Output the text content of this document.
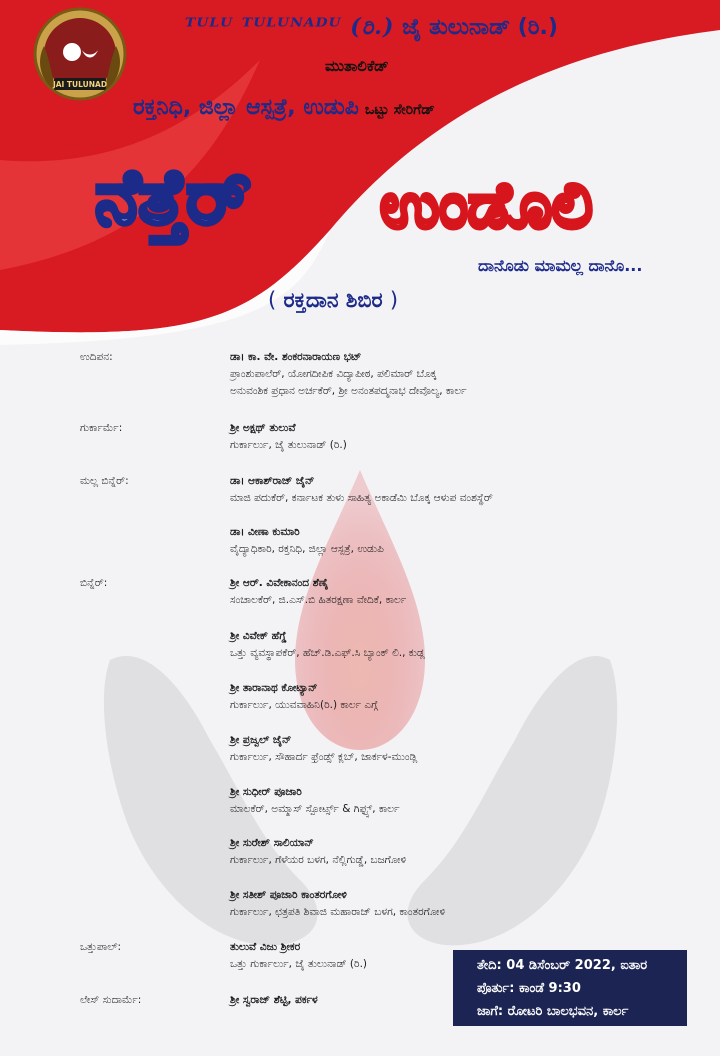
JAI TULUNAD
ᵀᵁᴸᵁ ᵀᵁᴸᵁᴺᴬᴰᵁ (ರಿ.) ಜೈ ತುಲುನಾಡ್ (ರಿ.)
ಮುತಾಲಿಕೆಡ್
ರಕ್ತನಿಧಿ, ಜಿಲ್ಲಾ ಆಸ್ಪತ್ರೆ, ಉಡುಪಿ ಒಟ್ಟು ಸೇರಿಗೆಡ್
ನೆತ್ತೆರ್ ಉಂಡೊಲಿ
ದಾನೊಡು ಮಾಮಲ್ಲ ದಾನೊ...
( ರಕ್ತದಾನ ಶಿಬಿರ )
ಉದಿಪನ:	ಡಾ। ಕಾ. ವೇ. ಶಂಕರನಾರಾಯಣ ಭಟ್
ಪ್ರಾಂಶುಪಾಲೆರ್, ಯೋಗದೀಪಿಕ ವಿದ್ಯಾಪೀಠ, ಪಲಿಮಾರ್ ಬೊಕ್ಕ
ಅನುವಂಶಿಕ ಪ್ರಧಾನ ಅರ್ಚಕೆರ್, ಶ್ರೀ ಅನಂತಪದ್ಮನಾಭ ದೇವೊಲ್ಯ, ಕಾರ್ಲ
ಗುರ್ಕಾರ್ಮೆ:	ಶ್ರೀ ಅಕ್ಷಥ್ ತುಲುವೆ
ಗುರ್ಕಾರ್ಲು, ಜೈ ತುಲುನಾಡ್ (ರಿ.)
ಮಲ್ಲ ಬಿನ್ನೆರ್:	ಡಾ। ಆಕಾಶ್‌ರಾಜ್ ಜೈನ್
ಮಾಜಿ ಪದುಕೆರ್, ಕರ್ನಾಟಕ ತುಳು ಸಾಹಿತ್ಯ ಅಕಾಡೆಮಿ ಬೊಕ್ಕ ಆಳುಪ ವಂಶಸ್ಥೆರ್
ಡಾ। ವೀಣಾ ಕುಮಾರಿ
ವೈದ್ಯಾಧಿಕಾರಿ, ರಕ್ತನಿಧಿ, ಜಿಲ್ಲಾ ಆಸ್ಪತ್ರೆ, ಉಡುಪಿ
ಬಿನ್ನೆರ್:	ಶ್ರೀ ಆರ್. ವಿವೇಕಾನಂದ ಶೆಣೈ
ಸಂಚಾಲಕೆರ್, ಜಿ.ಎಸ್.ಬಿ ಹಿತರಕ್ಷಣಾ ವೇದಿಕೆ, ಕಾರ್ಲ
ಶ್ರೀ ವಿವೇಕ್ ಹೆಗ್ಡೆ
ಒತ್ತು ವ್ಯವಸ್ಥಾಪಕೆರ್, ಹೆಚ್.ಡಿ.ಎಫ್.ಸಿ ಬ್ಯಾಂಕ್ ಲಿ., ಕುಡ್ಲ
ಶ್ರೀ ತಾರಾನಾಥ ಕೋಟ್ಯಾನ್
ಗುರ್ಕಾರ್ಲು, ಯುವವಾಹಿನಿ(ರಿ.) ಕಾರ್ಲ ಎಗ್ಗೆ
ಶ್ರೀ ಪ್ರಜ್ವಲ್ ಜೈನ್
ಗುರ್ಕಾರ್ಲು, ಸೌಹಾರ್ದ ಫ್ರೆಂಡ್ಸ್ ಕ್ಲಬ್, ಜಾರ್ಕಳ-ಮುಂಡ್ಲಿ
ಶ್ರೀ ಸುಧೀರ್ ಪೂಜಾರಿ
ಮಾಲಕೆರ್, ಅಮ್ಮಾಸ್ ಸ್ಪೋರ್ಟ್ಸ್ & ಗಿಫ್ಟ್ಸ್, ಕಾರ್ಲ
ಶ್ರೀ ಸುರೇಶ್ ಸಾಲಿಯಾನ್
ಗುರ್ಕಾರ್ಲು, ಗೆಳೆಯರ ಬಳಗ, ನೆಲ್ಲಿಗುಡ್ಡೆ, ಬಜಗೋಳಿ
ಶ್ರೀ ಸತೀಶ್ ಪೂಜಾರಿ ಕಾಂತರಗೋಳಿ
ಗುರ್ಕಾರ್ಲು, ಛತ್ರಪತಿ ಶಿವಾಜಿ ಮಹಾರಾಜ್ ಬಳಗ, ಕಾಂತರಗೋಳಿ
ಒತ್ತುಪಾಲ್:	ತುಲುವೆ ವಿಜು ಶ್ರೀಕರ
ಒತ್ತು ಗುರ್ಕಾರ್ಲು, ಜೈ ತುಲುನಾಡ್ (ರಿ.)
ಲೇಸ್ ಸುದಾರ್ಮೆ:	ಶ್ರೀ ಸ್ವರಾಜ್ ಶೆಟ್ಟಿ, ಪರ್ಕಳ
ತೇದಿ: 04 ಡಿಸೆಂಬರ್ 2022, ಐತಾರ
ಪೊರ್ತು: ಕಾಂಡೆ 9:30
ಜಾಗೆ: ರೋಟರಿ ಬಾಲಭವನ, ಕಾರ್ಲ
